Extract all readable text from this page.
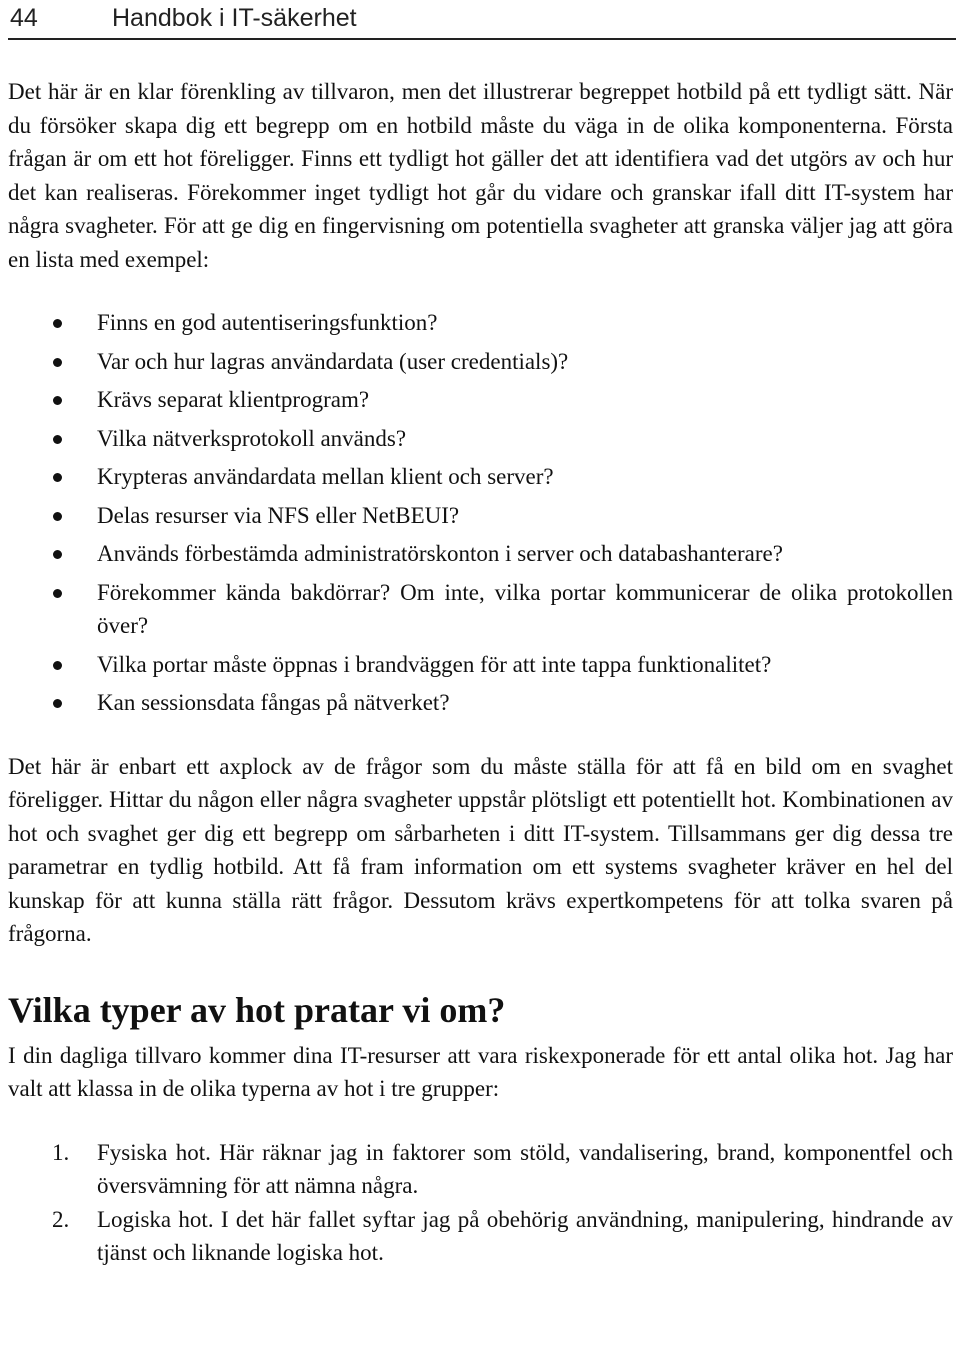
44	Handbok i IT-säkerhet

Det här är en klar förenkling av tillvaron, men det illustrerar begreppet hotbild på ett tydligt sätt. När du försöker skapa dig ett begrepp om en hotbild måste du väga in de olika komponenterna. Första frågan är om ett hot föreligger. Finns ett tydligt hot gäller det att identifiera vad det utgörs av och hur det kan realiseras. Förekommer inget tydligt hot går du vidare och granskar ifall ditt IT-system har några svagheter. För att ge dig en fingervisning om potentiella svagheter att granska väljer jag att göra en lista med exempel:

Finns en god autentiseringsfunktion?
Var och hur lagras användardata (user credentials)?
Krävs separat klientprogram?
Vilka nätverksprotokoll används?
Krypteras användardata mellan klient och server?
Delas resurser via NFS eller NetBEUI?
Används förbestämda administratörskonton i server och databashanterare?
Förekommer kända bakdörrar? Om inte, vilka portar kommunicerar de olika protokollen över?
Vilka portar måste öppnas i brandväggen för att inte tappa funktionalitet?
Kan sessionsdata fångas på nätverket?

Det här är enbart ett axplock av de frågor som du måste ställa för att få en bild om en svaghet föreligger. Hittar du någon eller några svagheter uppstår plötsligt ett potentiellt hot. Kombinationen av hot och svaghet ger dig ett begrepp om sårbarheten i ditt IT-system. Tillsammans ger dig dessa tre parametrar en tydlig hotbild. Att få fram information om ett systems svagheter kräver en hel del kunskap för att kunna ställa rätt frågor. Dessutom krävs expertkompetens för att tolka svaren på frågorna.

Vilka typer av hot pratar vi om?

I din dagliga tillvaro kommer dina IT-resurser att vara riskexponerade för ett antal olika hot. Jag har valt att klassa in de olika typerna av hot i tre grupper:

1. Fysiska hot. Här räknar jag in faktorer som stöld, vandalisering, brand, komponentfel och översvämning för att nämna några.
2. Logiska hot. I det här fallet syftar jag på obehörig användning, manipulering, hindrande av tjänst och liknande logiska hot.
